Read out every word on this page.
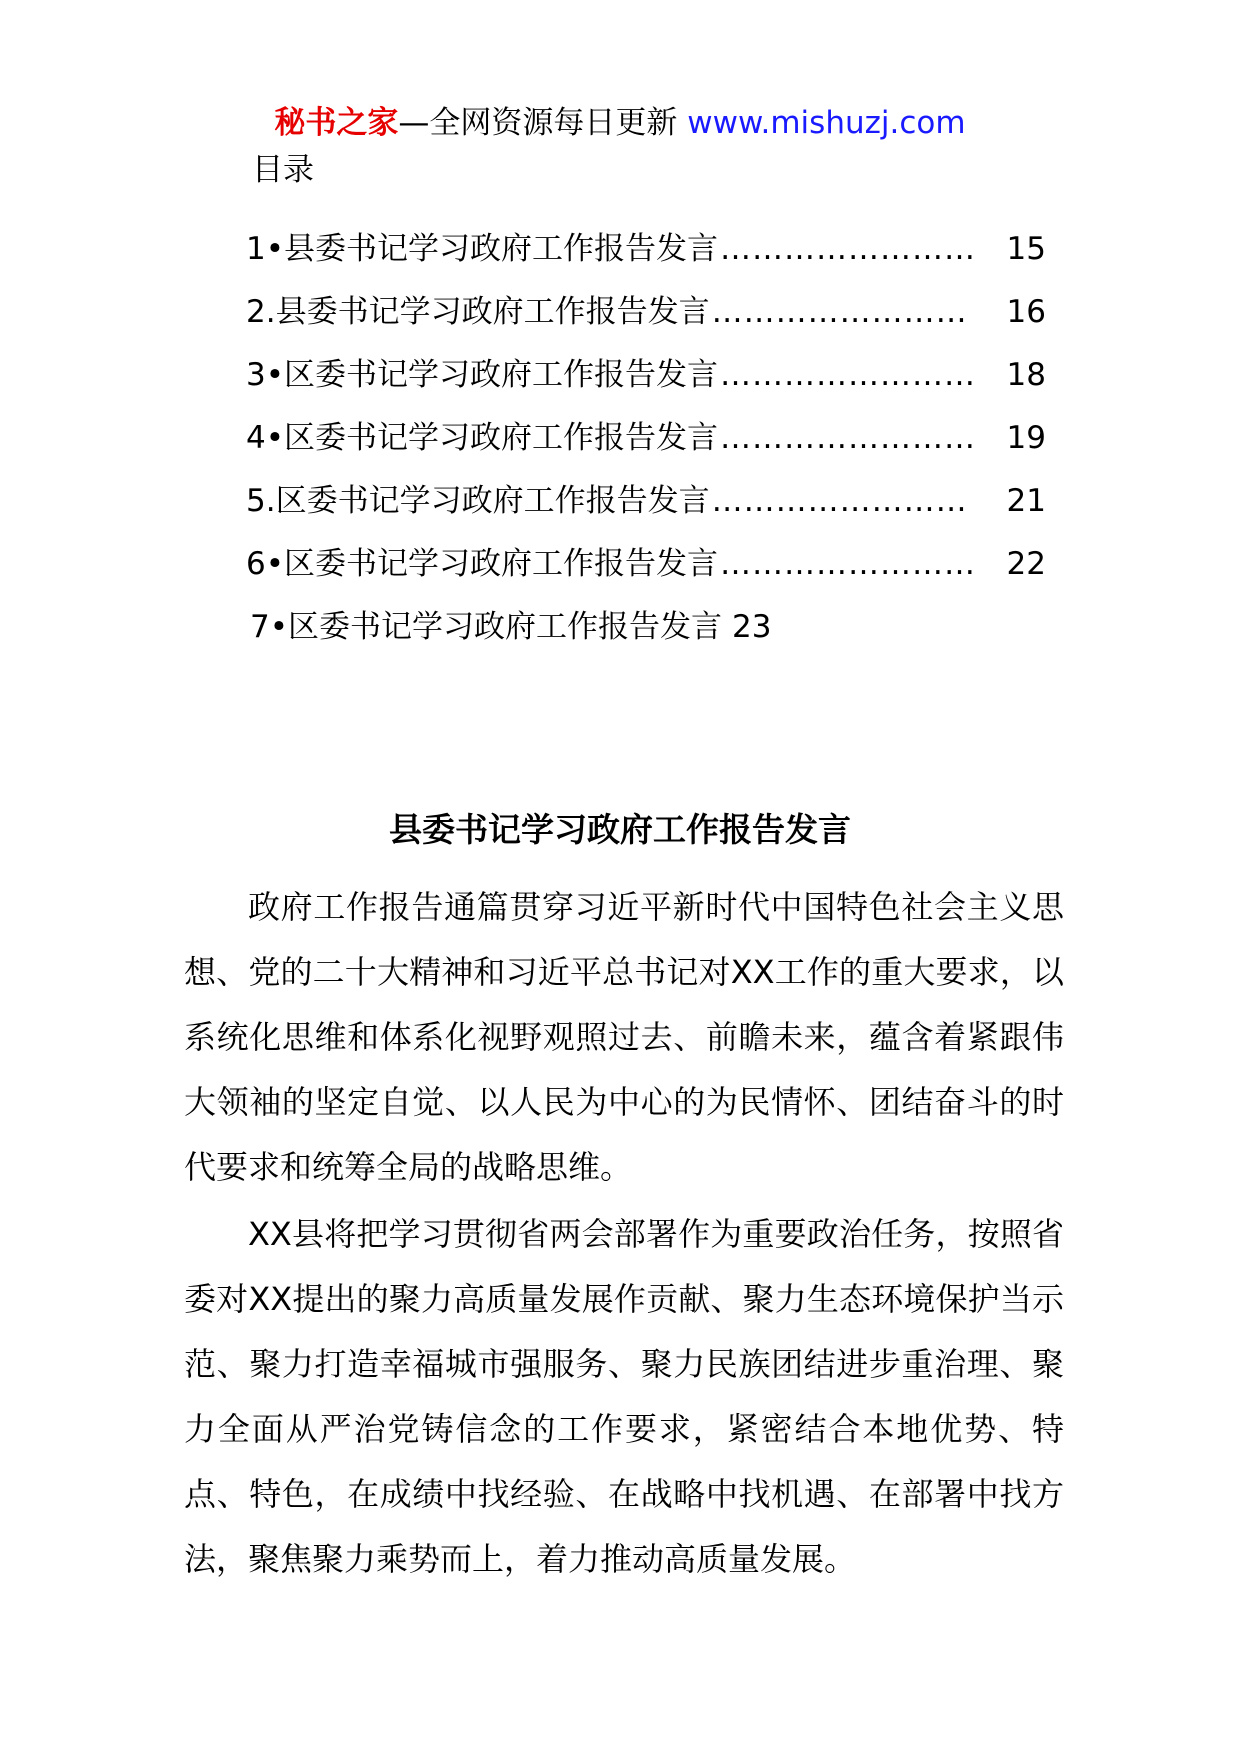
秘书之家—全网资源每日更新 www.mishuzj.com
目录
1•县委书记学习政府工作报告发言 …………………… 15
2.县委书记学习政府工作报告发言 ……………………	16
3•区委书记学习政府工作报告发言 …………………… 18
4•区委书记学习政府工作报告发言 …………………… 19
5.区委书记学习政府工作报告发言 ……………………	21
6•区委书记学习政府工作报告发言 …………………… 22
7•区委书记学习政府工作报告发言 23
县委书记学习政府工作报告发言

政府工作报告通篇贯穿习近平新时代中国特色社会主义思想、党的二十大精神和习近平总书记对XX工作的重大要求，以系统化思维和体系化视野观照过去、前瞻未来，蕴含着紧跟伟大领袖的坚定自觉、以人民为中心的为民情怀、团结奋斗的时代要求和统筹全局的战略思维。

XX县将把学习贯彻省两会部署作为重要政治任务，按照省委对XX提出的聚力高质量发展作贡献、聚力生态环境保护当示范、聚力打造幸福城市强服务、聚力民族团结进步重治理、聚力全面从严治党铸信念的工作要求，紧密结合本地优势、特点、特色，在成绩中找经验、在战略中找机遇、在部署中找方法，聚焦聚力乘势而上，着力推动高质量发展。
